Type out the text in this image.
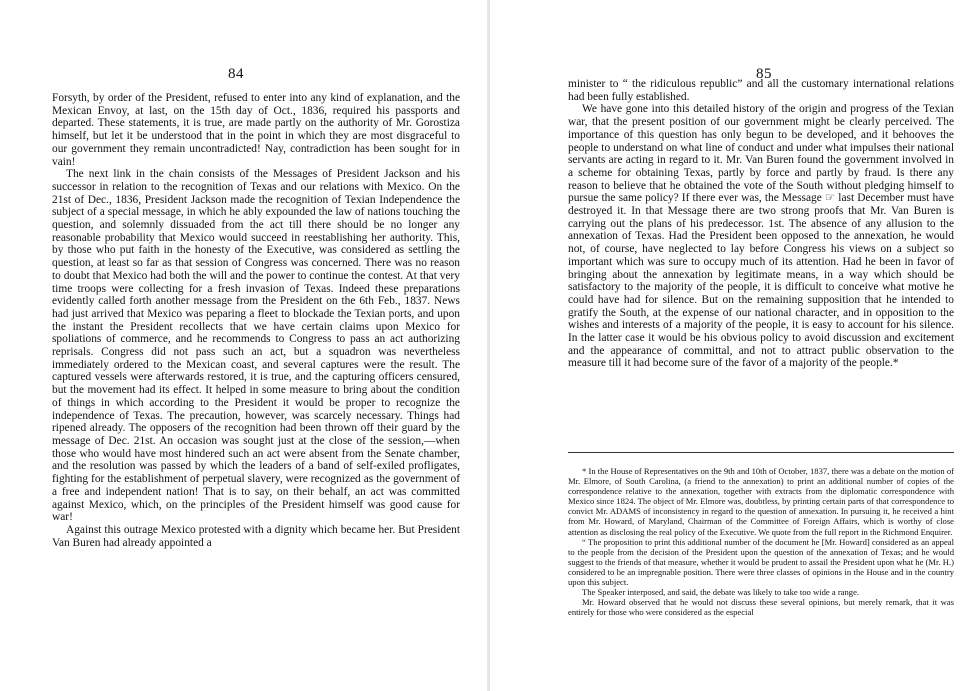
84

Forsyth, by order of the President, refused to enter into any kind of explanation, and the Mexican Envoy, at last, on the 15th day of Oct., 1836, required his passports and departed. These statements, it is true, are made partly on the authority of Mr. Gorostiza himself, but let it be understood that in the point in which they are most disgraceful to our government they remain uncontradicted! Nay, contradiction has been sought for in vain!

The next link in the chain consists of the Messages of President Jackson and his successor in relation to the recognition of Texas and our relations with Mexico. On the 21st of Dec., 1836, President Jackson made the recognition of Texian Independence the subject of a special message, in which he ably expounded the law of nations touching the question, and solemnly dissuaded from the act till there should be no longer any reasonable probability that Mexico would succeed in reestablishing her authority. This, by those who put faith in the honesty of the Executive, was considered as settling the question, at least so far as that session of Congress was concerned. There was no reason to doubt that Mexico had both the will and the power to continue the contest. At that very time troops were collecting for a fresh invasion of Texas. Indeed these preparations evidently called forth another message from the President on the 6th Feb., 1837. News had just arrived that Mexico was peparing a fleet to blockade the Texian ports, and upon the instant the President recollects that we have certain claims upon Mexico for spoliations of commerce, and he recommends to Congress to pass an act authorizing reprisals. Congress did not pass such an act, but a squadron was nevertheless immediately ordered to the Mexican coast, and several captures were the result. The captured vessels were afterwards restored, it is true, and the capturing officers censured, but the movement had its effect. It helped in some measure to bring about the condition of things in which according to the President it would be proper to recognize the independence of Texas. The precaution, however, was scarcely necessary. Things had ripened already. The opposers of the recognition had been thrown off their guard by the message of Dec. 21st. An occasion was sought just at the close of the session,—when those who would have most hindered such an act were absent from the Senate chamber, and the resolution was passed by which the leaders of a band of self-exiled profligates, fighting for the establishment of perpetual slavery, were recognized as the government of a free and independent nation! That is to say, on their behalf, an act was committed against Mexico, which, on the principles of the President himself was good cause for war!

Against this outrage Mexico protested with a dignity which became her. But President Van Buren had already appointed a

85

minister to “ the ridiculous republic” and all the customary international relations had been fully established.

We have gone into this detailed history of the origin and progress of the Texian war, that the present position of our government might be clearly perceived. The importance of this question has only begun to be developed, and it behooves the people to understand on what line of conduct and under what impulses their national servants are acting in regard to it. Mr. Van Buren found the government involved in a scheme for obtaining Texas, partly by force and partly by fraud. Is there any reason to believe that he obtained the vote of the South without pledging himself to pursue the same policy? If there ever was, the Message ☞ last December must have destroyed it. In that Message there are two strong proofs that Mr. Van Buren is carrying out the plans of his predecessor. 1st. The absence of any allusion to the annexation of Texas. Had the President been opposed to the annexation, he would not, of course, have neglected to lay before Congress his views on a subject so important which was sure to occupy much of its attention. Had he been in favor of bringing about the annexation by legitimate means, in a way which should be satisfactory to the majority of the people, it is difficult to conceive what motive he could have had for silence. But on the remaining supposition that he intended to gratify the South, at the expense of our national character, and in opposition to the wishes and interests of a majority of the people, it is easy to account for his silence. In the latter case it would be his obvious policy to avoid discussion and excitement and the appearance of committal, and not to attract public observation to the measure till it had become sure of the favor of a majority of the people.*

* In the House of Representatives on the 9th and 10th of October, 1837, there was a debate on the motion of Mr. Elmore, of South Carolina, (a friend to the annexation) to print an additional number of copies of the correspondence relative to the annexation, together with extracts from the diplomatic correspondence with Mexico since 1824. The object of Mr. Elmore was, doubtless, by printing certain parts of that correspondence to convict Mr. ADAMS of inconsistency in regard to the question of annexation. In pursuing it, he received a hint from Mr. Howard, of Maryland, Chairman of the Committee of Foreign Affairs, which is worthy of close attention as disclosing the real policy of the Executive. We quote from the full report in the Richmond Enquirer.

“ The proposition to print this additional number of the document he [Mr. Howard] considered as an appeal to the people from the decision of the President upon the question of the annexation of Texas; and he would suggest to the friends of that measure, whether it would be prudent to assail the President upon what he (Mr. H.) considered to be an impregnable position. There were three classes of opinions in the House and in the country upon this subject.

The Speaker interposed, and said, the debate was likely to take too wide a range.

Mr. Howard observed that he would not discuss these several opinions, but merely remark, that it was entirely for those who were considered as the especial
